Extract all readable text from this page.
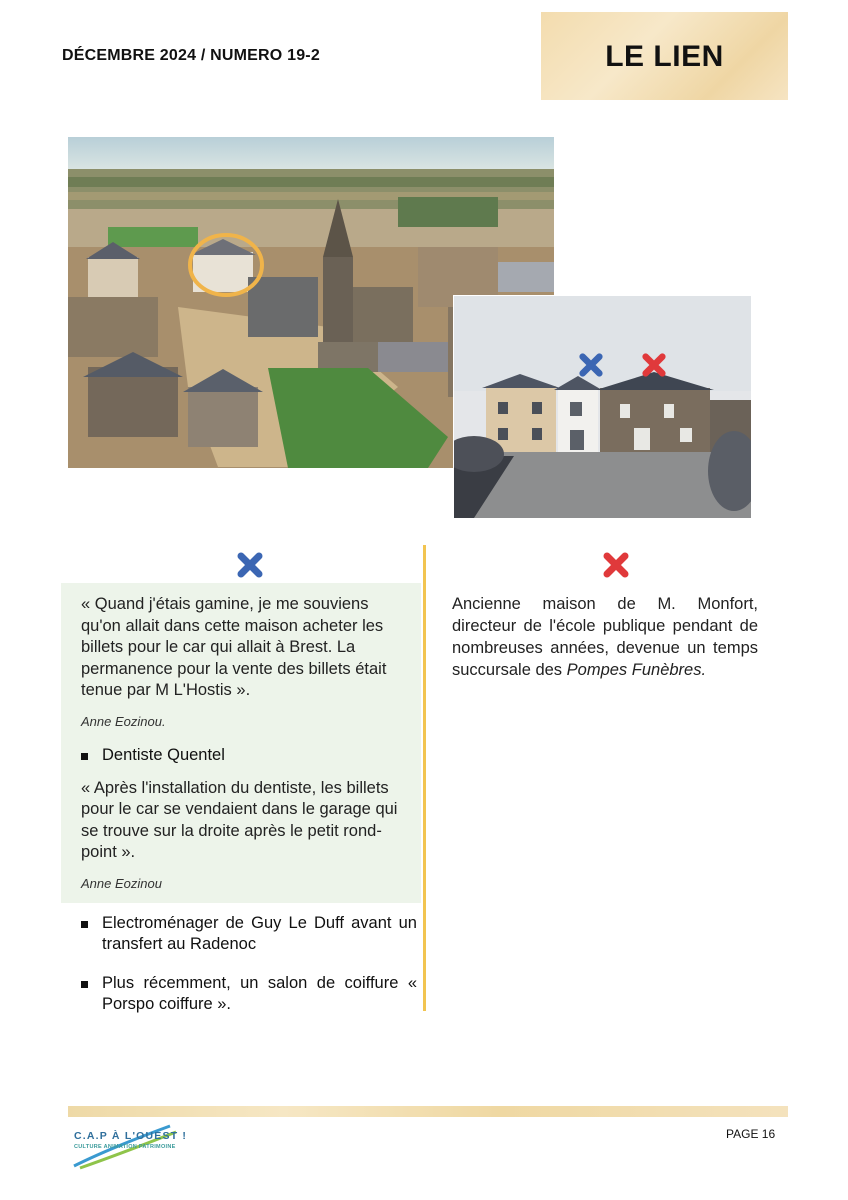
DÉCEMBRE 2024 / NUMERO 19-2	LE LIEN

« Quand j'étais gamine, je me souviens qu'on allait dans cette maison acheter les billets pour le car qui allait à Brest. La permanence pour la vente des billets était tenue par M L'Hostis ».

Anne Eozinou.

Dentiste Quentel

« Après l'installation du dentiste, les billets pour le car se vendaient dans le garage qui se trouve sur la droite après le petit rond-point ».

Anne Eozinou

Electroménager de Guy Le Duff avant un transfert au Radenoc
Plus récemment, un salon de coiffure « Porspo coiffure ».
Ancienne maison de M. Monfort, directeur de l'école publique pendant de nombreuses années, devenue un temps succursale des Pompes Funèbres.
C.A.P À L'OUEST !
CULTURE ANIMATION PATRIMOINE
PAGE 16
